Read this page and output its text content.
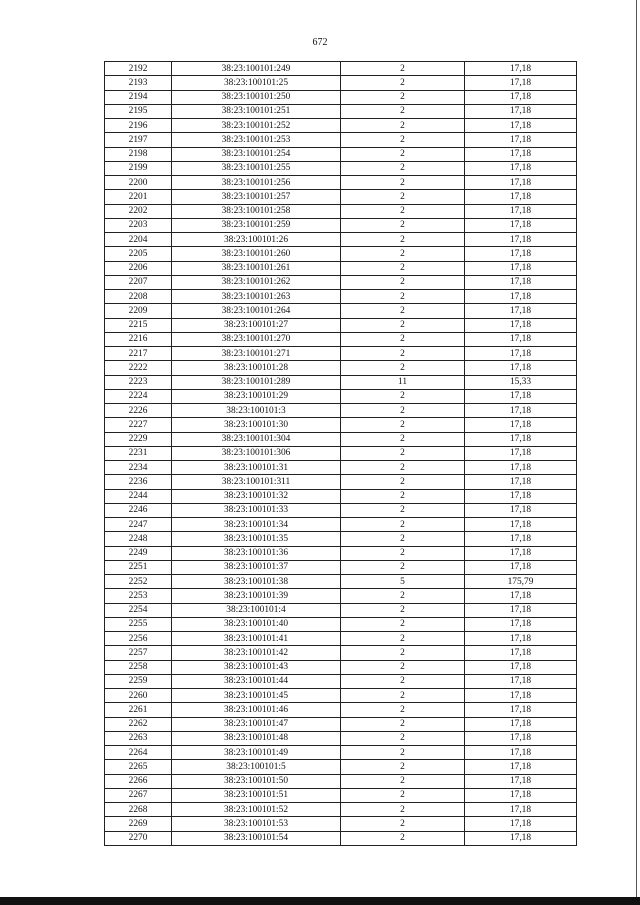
672
2192	38:23:100101:249	2	17,18
2193	38:23:100101:25	2	17,18
2194	38:23:100101:250	2	17,18
2195	38:23:100101:251	2	17,18
2196	38:23:100101:252	2	17,18
2197	38:23:100101:253	2	17,18
2198	38:23:100101:254	2	17,18
2199	38:23:100101:255	2	17,18
2200	38:23:100101:256	2	17,18
2201	38:23:100101:257	2	17,18
2202	38:23:100101:258	2	17,18
2203	38:23:100101:259	2	17,18
2204	38:23:100101:26	2	17,18
2205	38:23:100101:260	2	17,18
2206	38:23:100101:261	2	17,18
2207	38:23:100101:262	2	17,18
2208	38:23:100101:263	2	17,18
2209	38:23:100101:264	2	17,18
2215	38:23:100101:27	2	17,18
2216	38:23:100101:270	2	17,18
2217	38:23:100101:271	2	17,18
2222	38:23:100101:28	2	17,18
2223	38:23:100101:289	11	15,33
2224	38:23:100101:29	2	17,18
2226	38:23:100101:3	2	17,18
2227	38:23:100101:30	2	17,18
2229	38:23:100101:304	2	17,18
2231	38:23:100101:306	2	17,18
2234	38:23:100101:31	2	17,18
2236	38:23:100101:311	2	17,18
2244	38:23:100101:32	2	17,18
2246	38:23:100101:33	2	17,18
2247	38:23:100101:34	2	17,18
2248	38:23:100101:35	2	17,18
2249	38:23:100101:36	2	17,18
2251	38:23:100101:37	2	17,18
2252	38:23:100101:38	5	175,79
2253	38:23:100101:39	2	17,18
2254	38:23:100101:4	2	17,18
2255	38:23:100101:40	2	17,18
2256	38:23:100101:41	2	17,18
2257	38:23:100101:42	2	17,18
2258	38:23:100101:43	2	17,18
2259	38:23:100101:44	2	17,18
2260	38:23:100101:45	2	17,18
2261	38:23:100101:46	2	17,18
2262	38:23:100101:47	2	17,18
2263	38:23:100101:48	2	17,18
2264	38:23:100101:49	2	17,18
2265	38:23:100101:5	2	17,18
2266	38:23:100101:50	2	17,18
2267	38:23:100101:51	2	17,18
2268	38:23:100101:52	2	17,18
2269	38:23:100101:53	2	17,18
2270	38:23:100101:54	2	17,18
